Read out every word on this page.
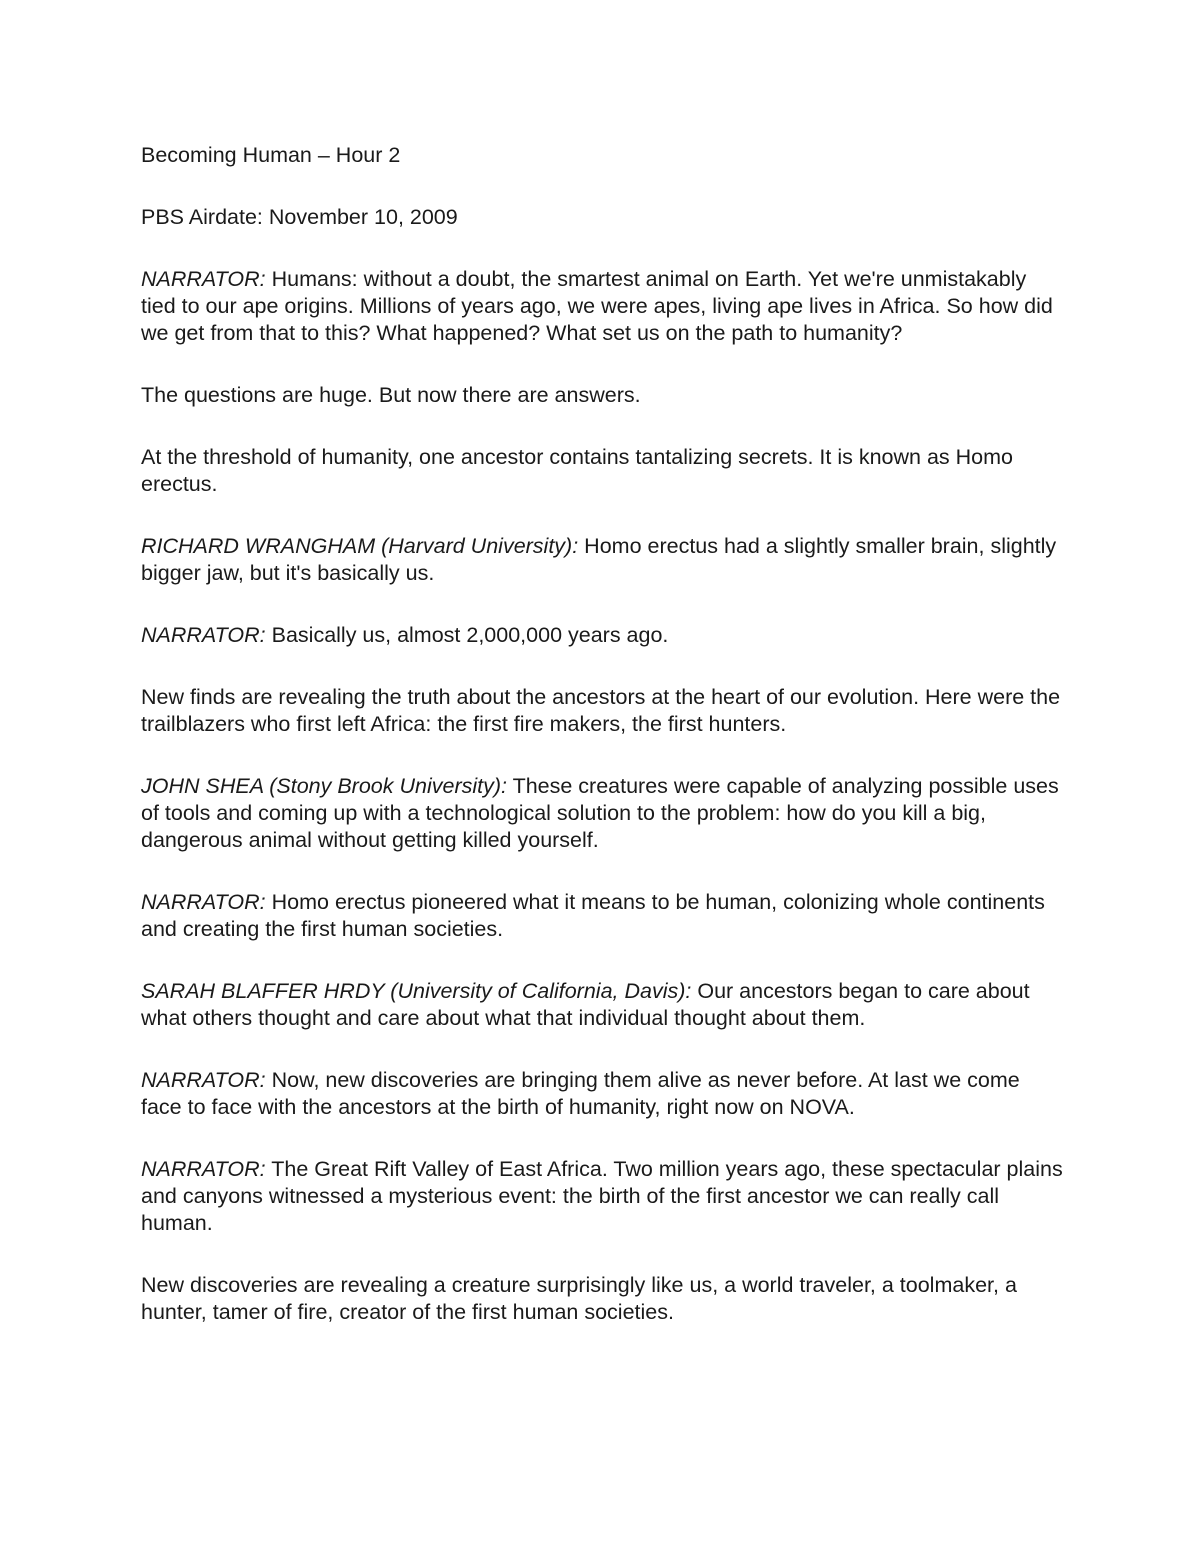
Becoming Human – Hour 2

PBS Airdate: November 10, 2009

NARRATOR: Humans: without a doubt, the smartest animal on Earth. Yet we're unmistakably tied to our ape origins. Millions of years ago, we were apes, living ape lives in Africa. So how did we get from that to this? What happened? What set us on the path to humanity?

The questions are huge. But now there are answers.

At the threshold of humanity, one ancestor contains tantalizing secrets. It is known as Homo erectus.

RICHARD WRANGHAM (Harvard University): Homo erectus had a slightly smaller brain, slightly bigger jaw, but it's basically us.

NARRATOR: Basically us, almost 2,000,000 years ago.

New finds are revealing the truth about the ancestors at the heart of our evolution. Here were the trailblazers who first left Africa: the first fire makers, the first hunters.

JOHN SHEA (Stony Brook University): These creatures were capable of analyzing possible uses of tools and coming up with a technological solution to the problem: how do you kill a big, dangerous animal without getting killed yourself.

NARRATOR: Homo erectus pioneered what it means to be human, colonizing whole continents and creating the first human societies.

SARAH BLAFFER HRDY (University of California, Davis): Our ancestors began to care about what others thought and care about what that individual thought about them.

NARRATOR: Now, new discoveries are bringing them alive as never before. At last we come face to face with the ancestors at the birth of humanity, right now on NOVA.

NARRATOR: The Great Rift Valley of East Africa. Two million years ago, these spectacular plains and canyons witnessed a mysterious event: the birth of the first ancestor we can really call human.

New discoveries are revealing a creature surprisingly like us, a world traveler, a toolmaker, a hunter, tamer of fire, creator of the first human societies.
